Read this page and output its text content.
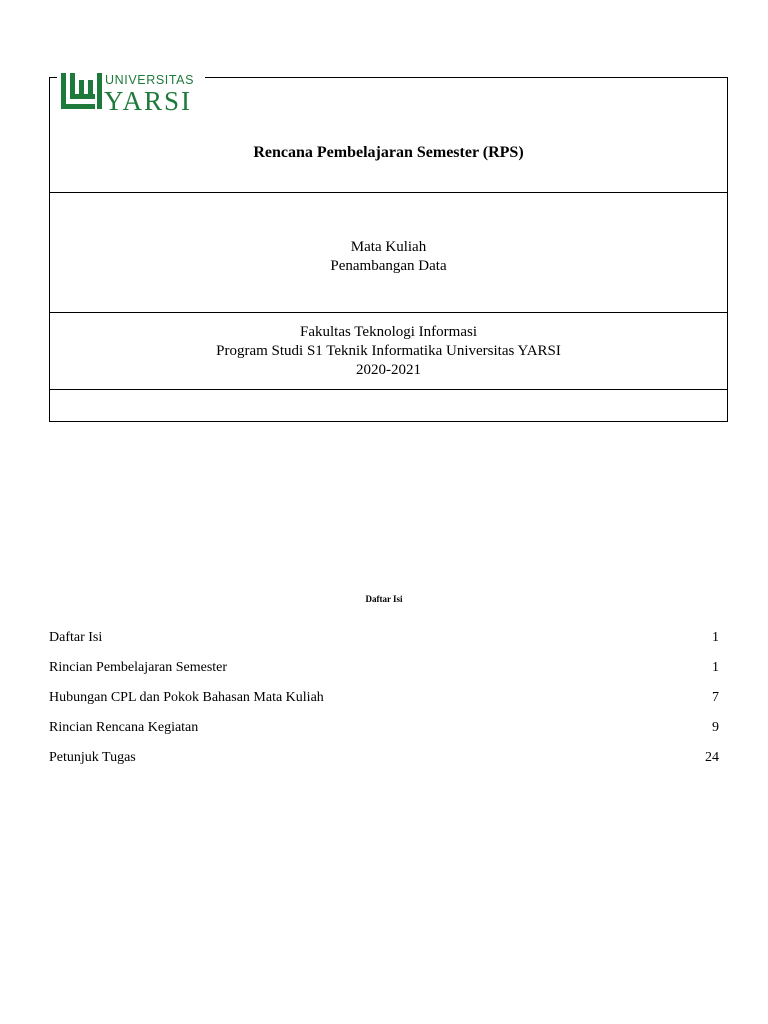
Rencana Pembelajaran Semester (RPS)
Mata Kuliah
Penambangan Data
Fakultas Teknologi Informasi
Program Studi S1 Teknik Informatika Universitas YARSI
2020-2021
UNIVERSITAS
YARSI
Daftar Isi
Daftar Isi	1
Rincian Pembelajaran Semester	1
Hubungan CPL dan Pokok Bahasan Mata Kuliah	7
Rincian Rencana Kegiatan	9
Petunjuk Tugas	24
